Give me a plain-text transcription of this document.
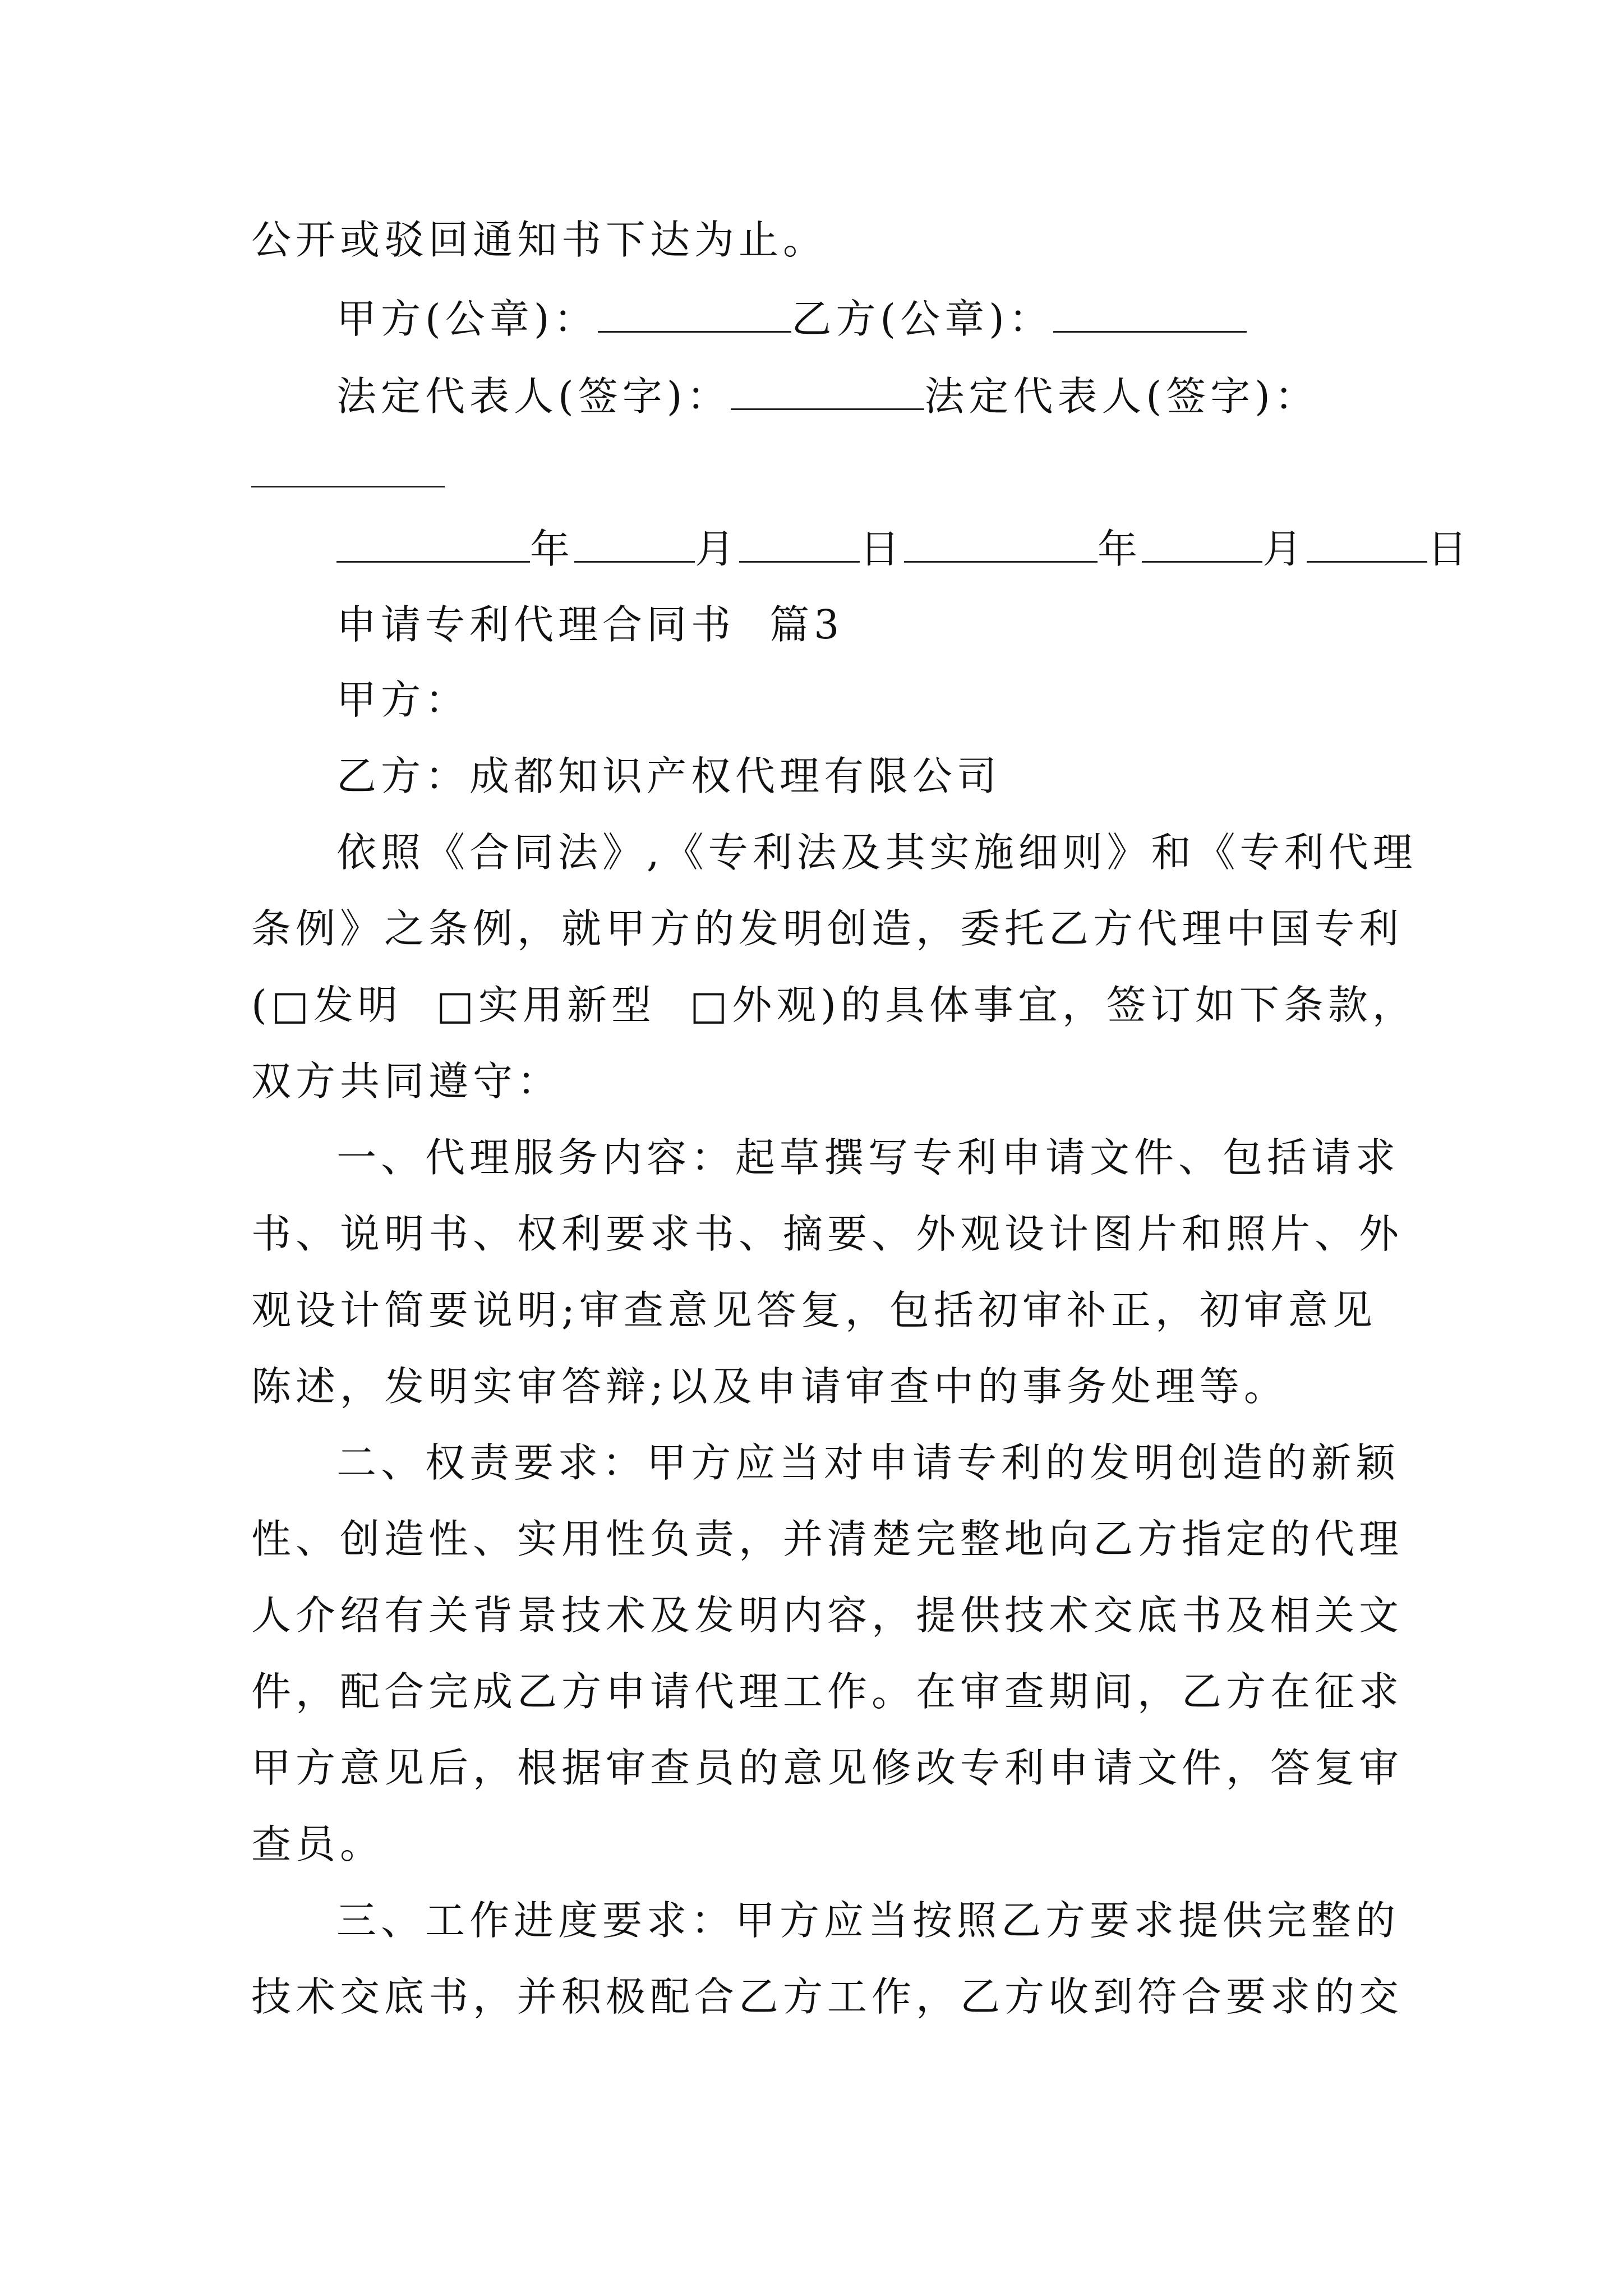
公开或驳回通知书下达为止。
甲方(公章)：	乙方(公章)：
法定代表人(签字)：	法定代表人(签字)：
年	月	日	年	月	日
申请专利代理合同书  篇3
甲方：
乙方：成都知识产权代理有限公司
依照《合同法》,《专利法及其实施细则》和《专利代理
条例》之条例，就甲方的发明创造，委托乙方代理中国专利
(□发明  □实用新型  □外观)的具体事宜，签订如下条款，
双方共同遵守：
一、代理服务内容：起草撰写专利申请文件、包括请求
书、说明书、权利要求书、摘要、外观设计图片和照片、外
观设计简要说明;审查意见答复，包括初审补正，初审意见
陈述，发明实审答辩;以及申请审查中的事务处理等。
二、权责要求：甲方应当对申请专利的发明创造的新颖
性、创造性、实用性负责，并清楚完整地向乙方指定的代理
人介绍有关背景技术及发明内容，提供技术交底书及相关文
件，配合完成乙方申请代理工作。在审查期间，乙方在征求
甲方意见后，根据审查员的意见修改专利申请文件，答复审
查员。
三、工作进度要求：甲方应当按照乙方要求提供完整的
技术交底书，并积极配合乙方工作，乙方收到符合要求的交
